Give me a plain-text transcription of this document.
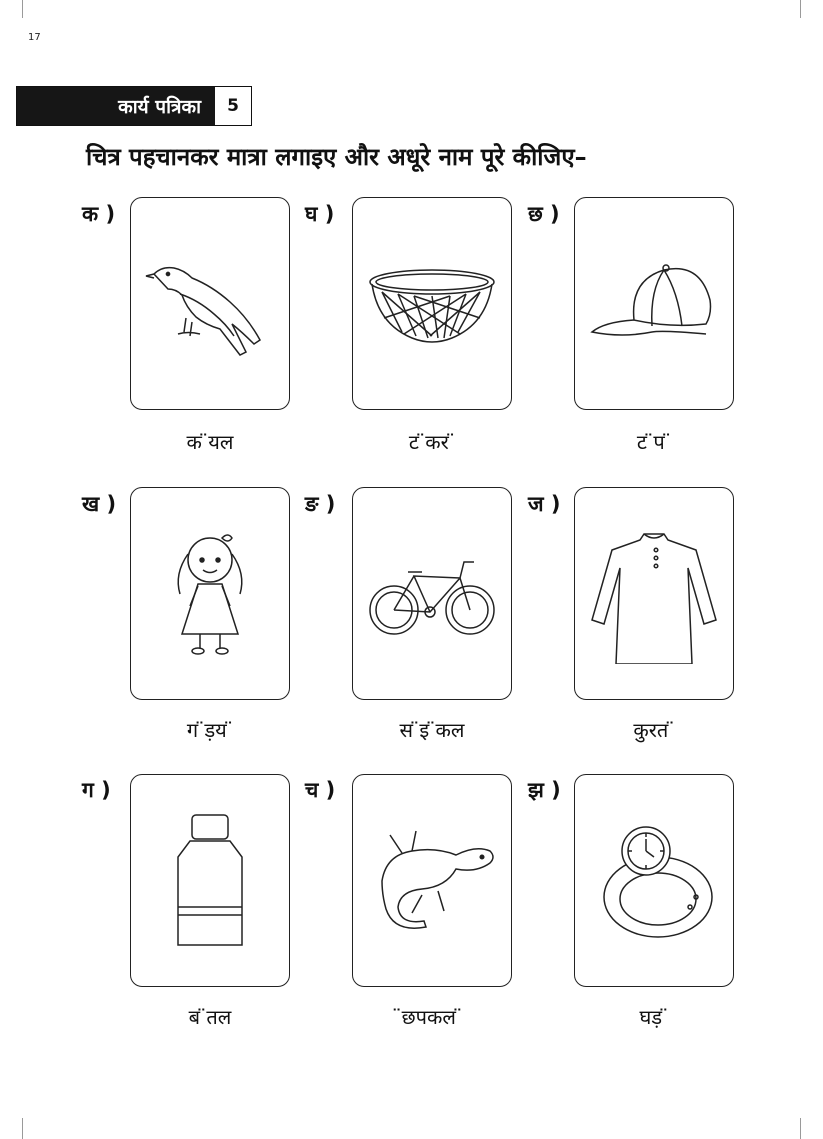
17
कार्य पत्रिका	5
चित्र पहचानकर मात्रा लगाइए और अधूरे नाम पूरे कीजिए–
क )	घ )	छ )
क ̈यल	ट ̈कर ̈	ट ̈प ̈
ख )	ङ )	ज )
ग ̈ड़य ̈	स ̈इ ̈कल	कुरत ̈
ग )	च )	झ )
ब ̈तल	̈छपकल ̈	घड़ ̈
